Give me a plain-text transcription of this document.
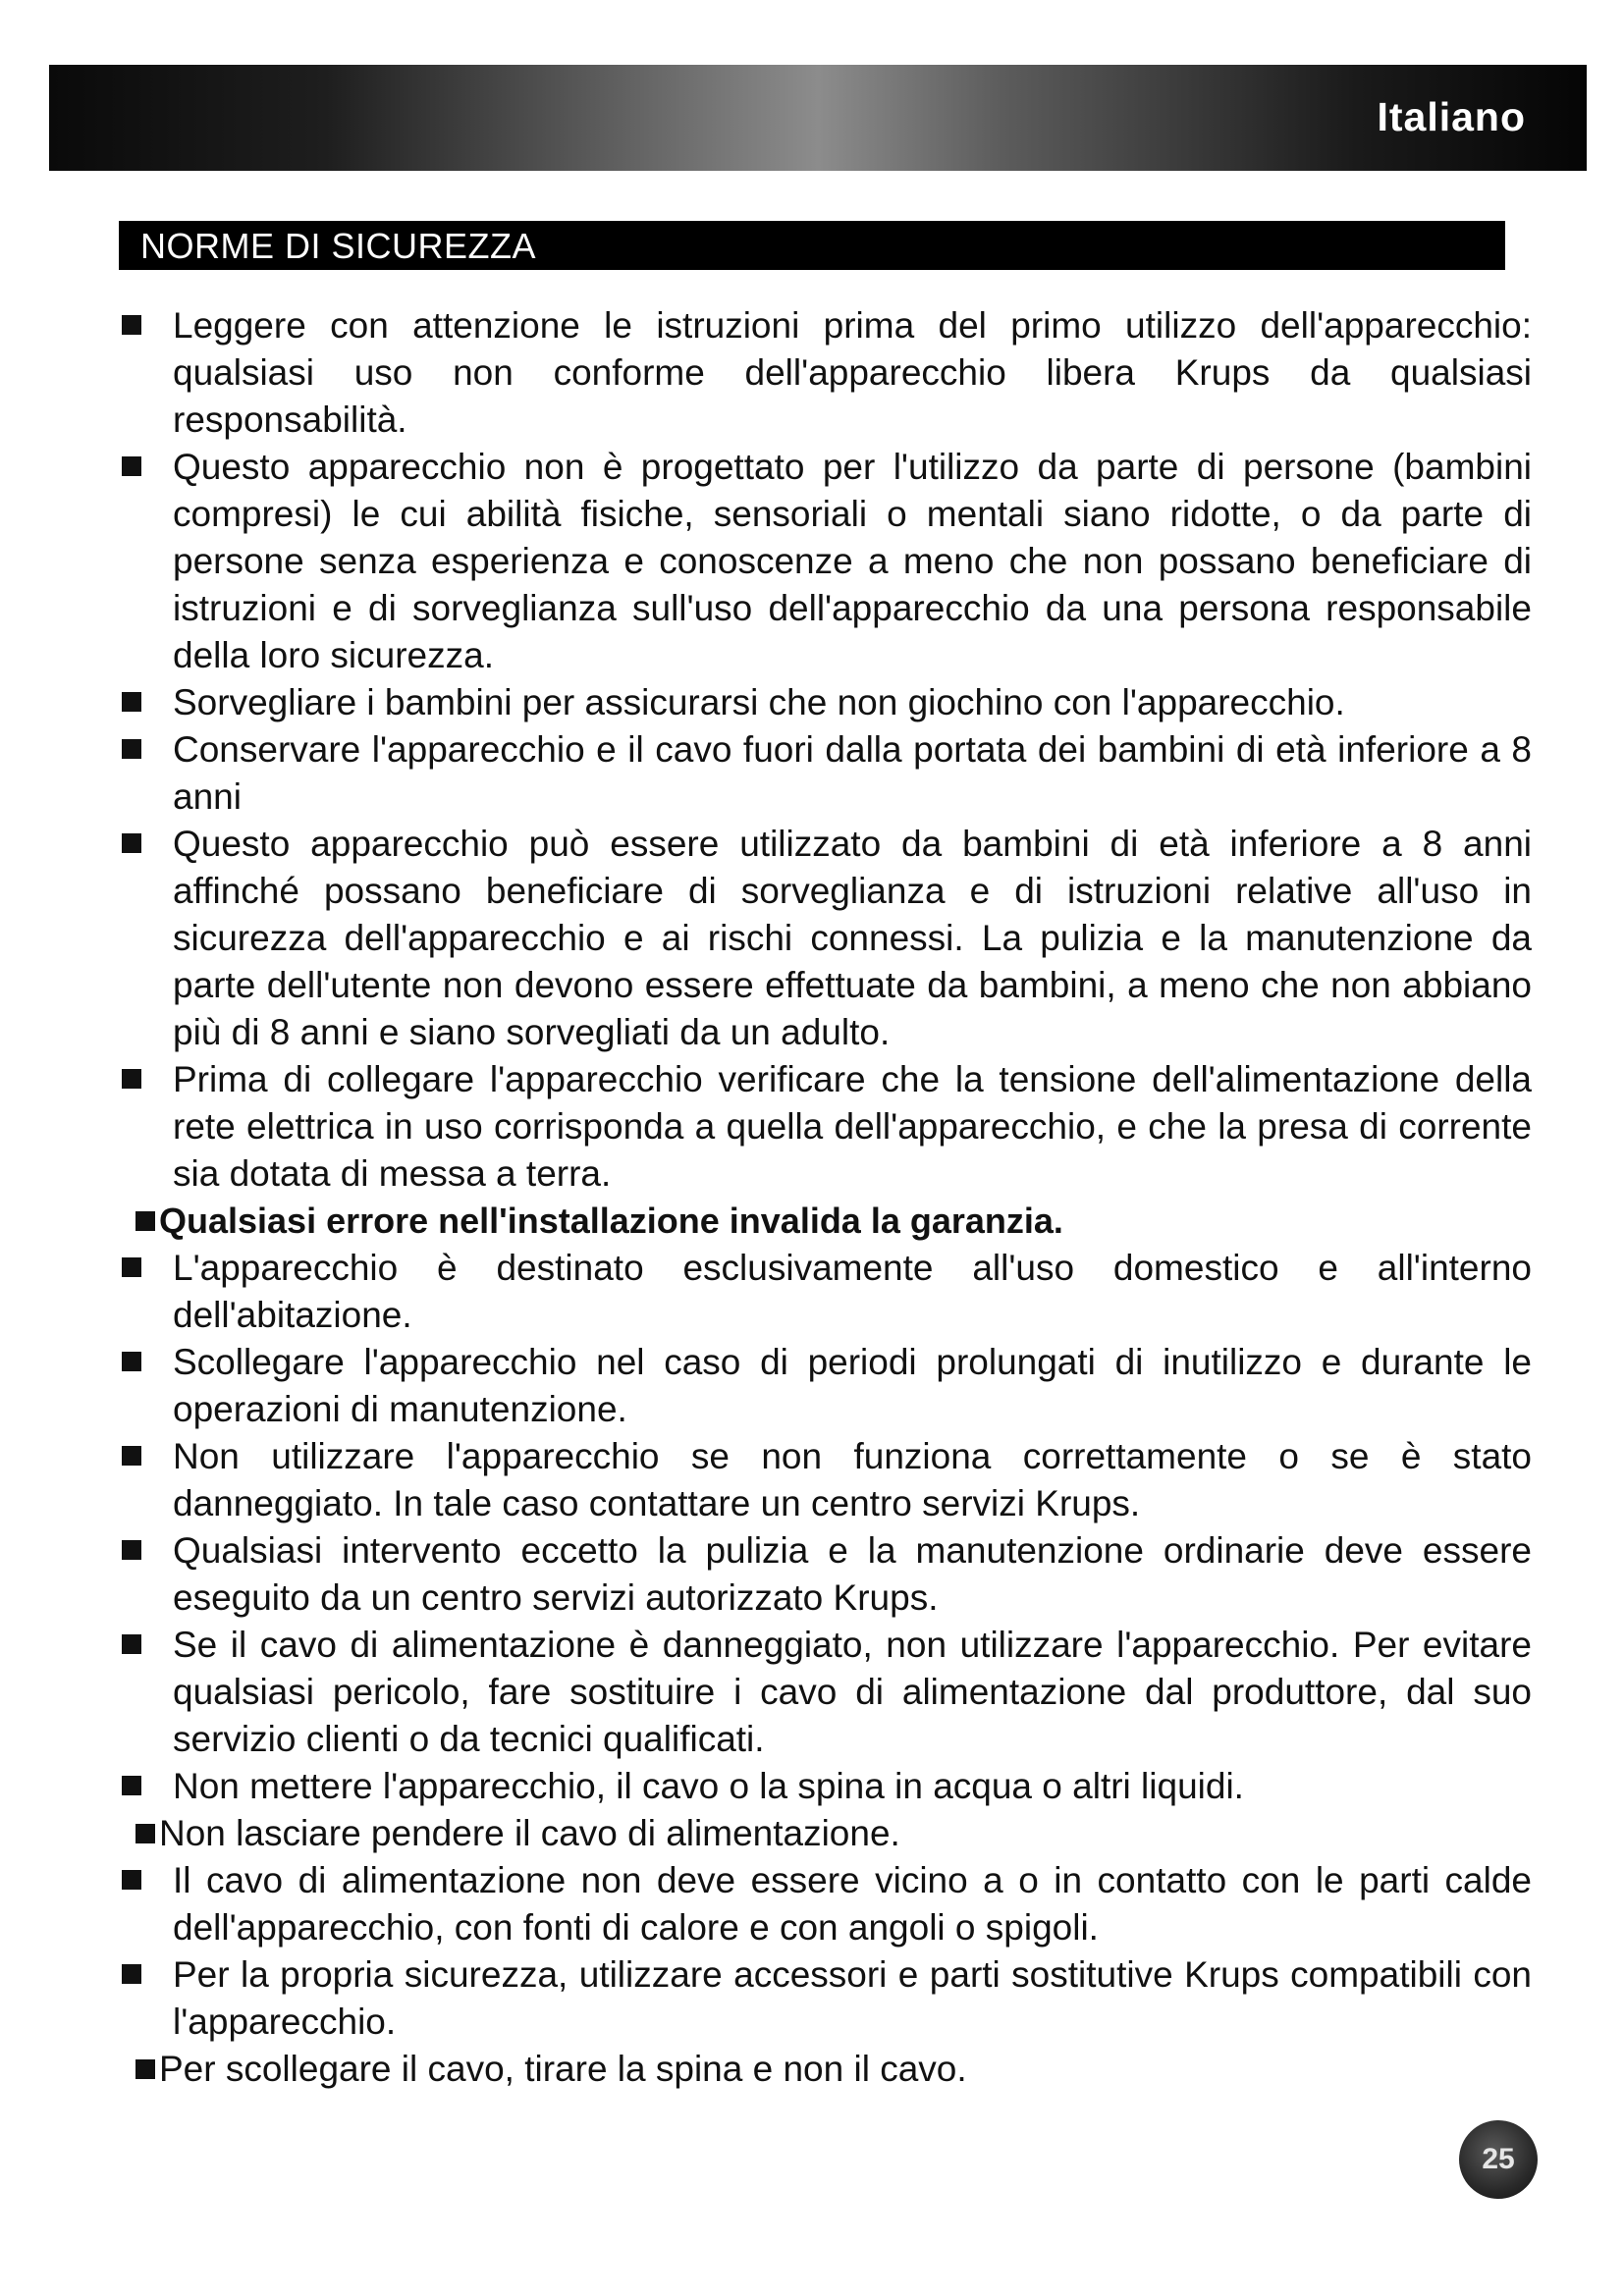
Italiano
NORME DI SICUREZZA
Leggere con attenzione le istruzioni prima del primo utilizzo dell'apparecchio: qualsiasi uso non conforme dell'apparecchio libera Krups da qualsiasi responsabilità.
Questo apparecchio non è progettato per l'utilizzo da parte di persone (bambini compresi) le cui abilità fisiche, sensoriali o mentali siano ridotte, o da parte di persone senza esperienza e conoscenze a meno che non possano beneficiare di istruzioni e di sorveglianza sull'uso dell'apparecchio da una persona responsabile della loro sicurezza.
Sorvegliare i bambini per assicurarsi che non giochino con l'apparecchio.
Conservare l'apparecchio e il cavo fuori dalla portata dei bambini di età inferiore a 8 anni
Questo apparecchio può essere utilizzato da bambini di età inferiore a 8 anni affinché possano beneficiare di sorveglianza e di istruzioni relative all'uso in sicurezza dell'apparecchio e ai rischi connessi. La pulizia e la manutenzione da parte dell'utente non devono essere effettuate da bambini, a meno che non abbiano più di 8 anni e siano sorvegliati da un adulto.
Prima di collegare l'apparecchio verificare che la tensione dell'alimentazione della rete elettrica in uso corrisponda a quella dell'apparecchio, e che la presa di corrente sia dotata di messa a terra.
Qualsiasi errore nell'installazione invalida la garanzia.
L'apparecchio è destinato esclusivamente all'uso domestico e all'interno dell'abitazione.
Scollegare l'apparecchio nel caso di periodi prolungati di inutilizzo e durante le operazioni di manutenzione.
Non utilizzare l'apparecchio se non funziona correttamente o se è stato danneggiato. In tale caso contattare un centro servizi Krups.
Qualsiasi intervento eccetto la pulizia e la manutenzione ordinarie deve essere eseguito da un centro servizi autorizzato Krups.
Se il cavo di alimentazione è danneggiato, non utilizzare l'apparecchio. Per evitare qualsiasi pericolo, fare sostituire i cavo di alimentazione dal produttore, dal suo servizio clienti o da tecnici qualificati.
Non mettere l'apparecchio, il cavo o la spina in acqua o altri liquidi.
Non lasciare pendere il cavo di alimentazione.
Il cavo di alimentazione non deve essere vicino a o in contatto con le parti calde dell'apparecchio, con fonti di calore e con angoli o spigoli.
Per la propria sicurezza, utilizzare accessori e parti sostitutive Krups compatibili con l'apparecchio.
Per scollegare il cavo, tirare la spina e non il cavo.
25
